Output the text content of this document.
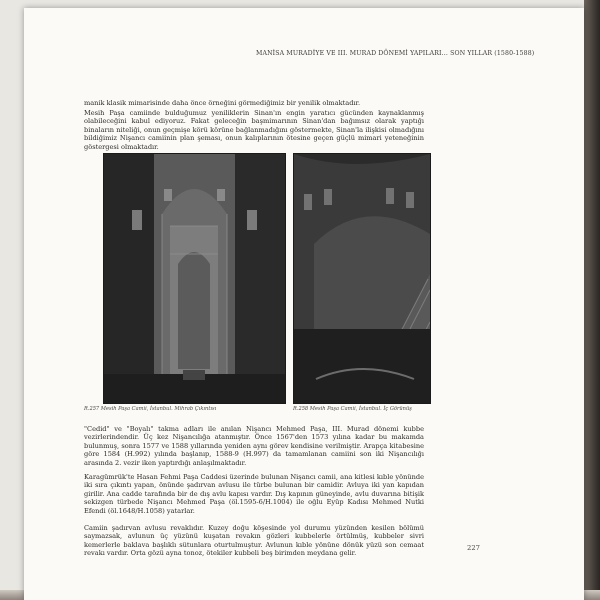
MANİSA MURADİYE VE III. MURAD DÖNEMİ YAPILARI... SON YILLAR (1580-1588)

manik klasik mimarisinde daha önce örneğini görmediğimiz bir yenilik olmaktadır.

Mesih Paşa camiinde bulduğumuz yeniliklerin Sinan'ın engin yaratıcı gücünden kaynaklanmış olabileceğini kabul ediyoruz. Fakat geleceğin başmimarının Sinan'dan bağımsız olarak yaptığı binaların niteliği, onun geçmişe körü körüne bağlanmadığını göstermekte, Sinan'la ilişkisi olmadığını bildiğimiz Nişancı camiinin plan şeması, onun kalıplarının ötesine geçen güçlü mimari yeteneğinin göstergesi olmaktadır.

R.257 Mesih Paşa Camii, İstanbul. Mihrab Çıkıntısı	R.258 Mesih Paşa Camii, İstanbul. İç Görünüş

"Cedid" ve "Boyalı" takma adları ile anılan Nişancı Mehmed Paşa, III. Murad dönemi kubbe vezirlerindendir. Üç kez Nişancılığa atanmıştır. Önce 1567'den 1573 yılına kadar bu makamda bulunmuş, sonra 1577 ve 1588 yıllarında yeniden aynı görev kendisine verilmiştir. Arapça kitabesine göre 1584 (H.992) yılında başlanıp, 1588-9 (H.997) da tamamlanan camiini son iki Nişancılığı arasında 2. vezir iken yaptırdığı anlaşılmaktadır.

Karagümrük'te Hasan Fehmi Paşa Caddesi üzerinde bulunan Nişancı camii, ana kitlesi kıble yönünde iki sıra çıkıntı yapan, önünde şadırvan avlusu ile türbe bulunan bir camidir. Avluya iki yan kapıdan girilir. Ana cadde tarafında bir de dış avlu kapısı vardır. Dış kapının güneyinde, avlu duvarına bitişik sekizgen türbede Nişancı Mehmed Paşa (öl.1595-6/H.1004) ile oğlu Eyüp Kadısı Mehmed Nutki Efendi (öl.1648/H.1058) yatarlar.

Camiin şadırvan avlusu revaklıdır. Kuzey doğu köşesinde yol durumu yüzünden kesilen bölümü saymazsak, avlunun üç yüzünü kuşatan revakın gözleri kubbelerle örtülmüş, kubbeler sivri kemerlerle baklava başlıklı sütunlara oturtulmuştur. Avlunun kıble yönüne dönük yüzü son cemaat revakı vardır. Orta gözü ayna tonoz, ötekiler kubbeli beş birimden meydana gelir.

227
